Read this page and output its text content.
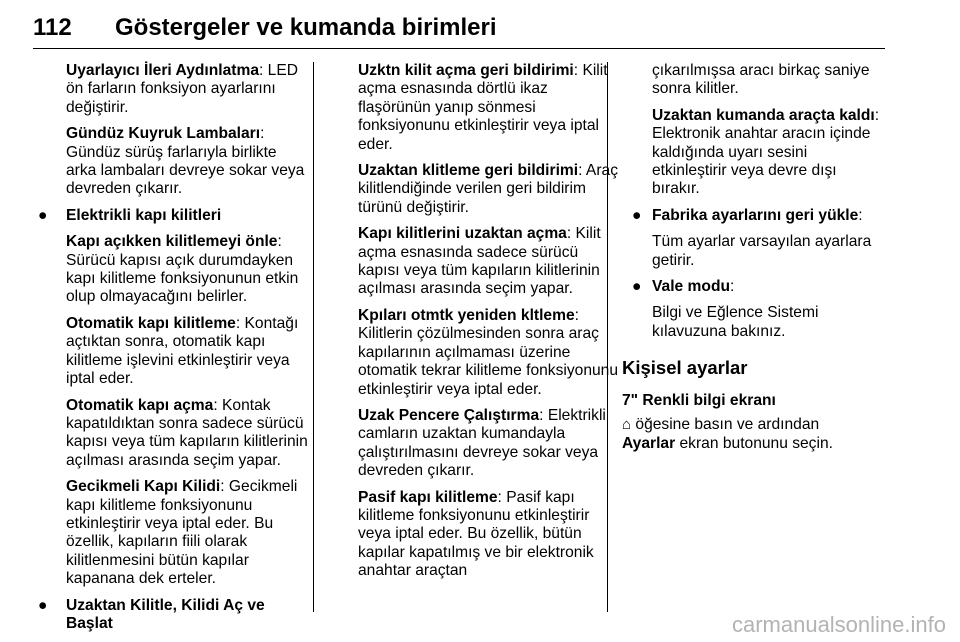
112 Göstergeler ve kumanda birimleri

Uyarlayıcı İleri Aydınlatma: LED ön farların fonksiyon ayarlarını değiştirir.

Gündüz Kuyruk Lambaları: Gündüz sürüş farlarıyla birlikte arka lambaları devreye sokar veya devreden çıkarır.

● Elektrikli kapı kilitleri

Kapı açıkken kilitlemeyi önle: Sürücü kapısı açık durumdayken kapı kilitleme fonksiyonunun etkin olup olmayacağını belirler.

Otomatik kapı kilitleme: Kontağı açtıktan sonra, otomatik kapı kilitleme işlevini etkinleştirir veya iptal eder.

Otomatik kapı açma: Kontak kapatıldıktan sonra sadece sürücü kapısı veya tüm kapıların kilitlerinin açılması arasında seçim yapar.

Gecikmeli Kapı Kilidi: Gecikmeli kapı kilitleme fonksiyonunu etkinleştirir veya iptal eder. Bu özellik, kapıların fiili olarak kilitlenmesini bütün kapılar kapanana dek erteler.

● Uzaktan Kilitle, Kilidi Aç ve Başlat

Uzktn kilit açma geri bildirimi: Kilit açma esnasında dörtlü ikaz flaşörünün yanıp sönmesi fonksiyonunu etkinleştirir veya iptal eder.

Uzaktan klitleme geri bildirimi: Araç kilitlendiğinde verilen geri bildirim türünü değiştirir.

Kapı kilitlerini uzaktan açma: Kilit açma esnasında sadece sürücü kapısı veya tüm kapıların kilitlerinin açılması arasında seçim yapar.

Kpıları otmtk yeniden kltleme: Kilitlerin çözülmesinden sonra araç kapılarının açılmaması üzerine otomatik tekrar kilitleme fonksiyonunu etkinleştirir veya iptal eder.

Uzak Pencere Çalıştırma: Elektrikli camların uzaktan kumandayla çalıştırılmasını devreye sokar veya devreden çıkarır.

Pasif kapı kilitleme: Pasif kapı kilitleme fonksiyonunu etkinleştirir veya iptal eder. Bu özellik, bütün kapılar kapatılmış ve bir elektronik anahtar araçtan

çıkarılmışsa aracı birkaç saniye sonra kilitler.

Uzaktan kumanda araçta kaldı: Elektronik anahtar aracın içinde kaldığında uyarı sesini etkinleştirir veya devre dışı bırakır.

● Fabrika ayarlarını geri yükle:

Tüm ayarlar varsayılan ayarlara getirir.

● Vale modu:

Bilgi ve Eğlence Sistemi kılavuzuna bakınız.

Kişisel ayarlar

7" Renkli bilgi ekranı

⌂ öğesine basın ve ardından

Ayarlar ekran butonunu seçin.

carmanualsonline.info
